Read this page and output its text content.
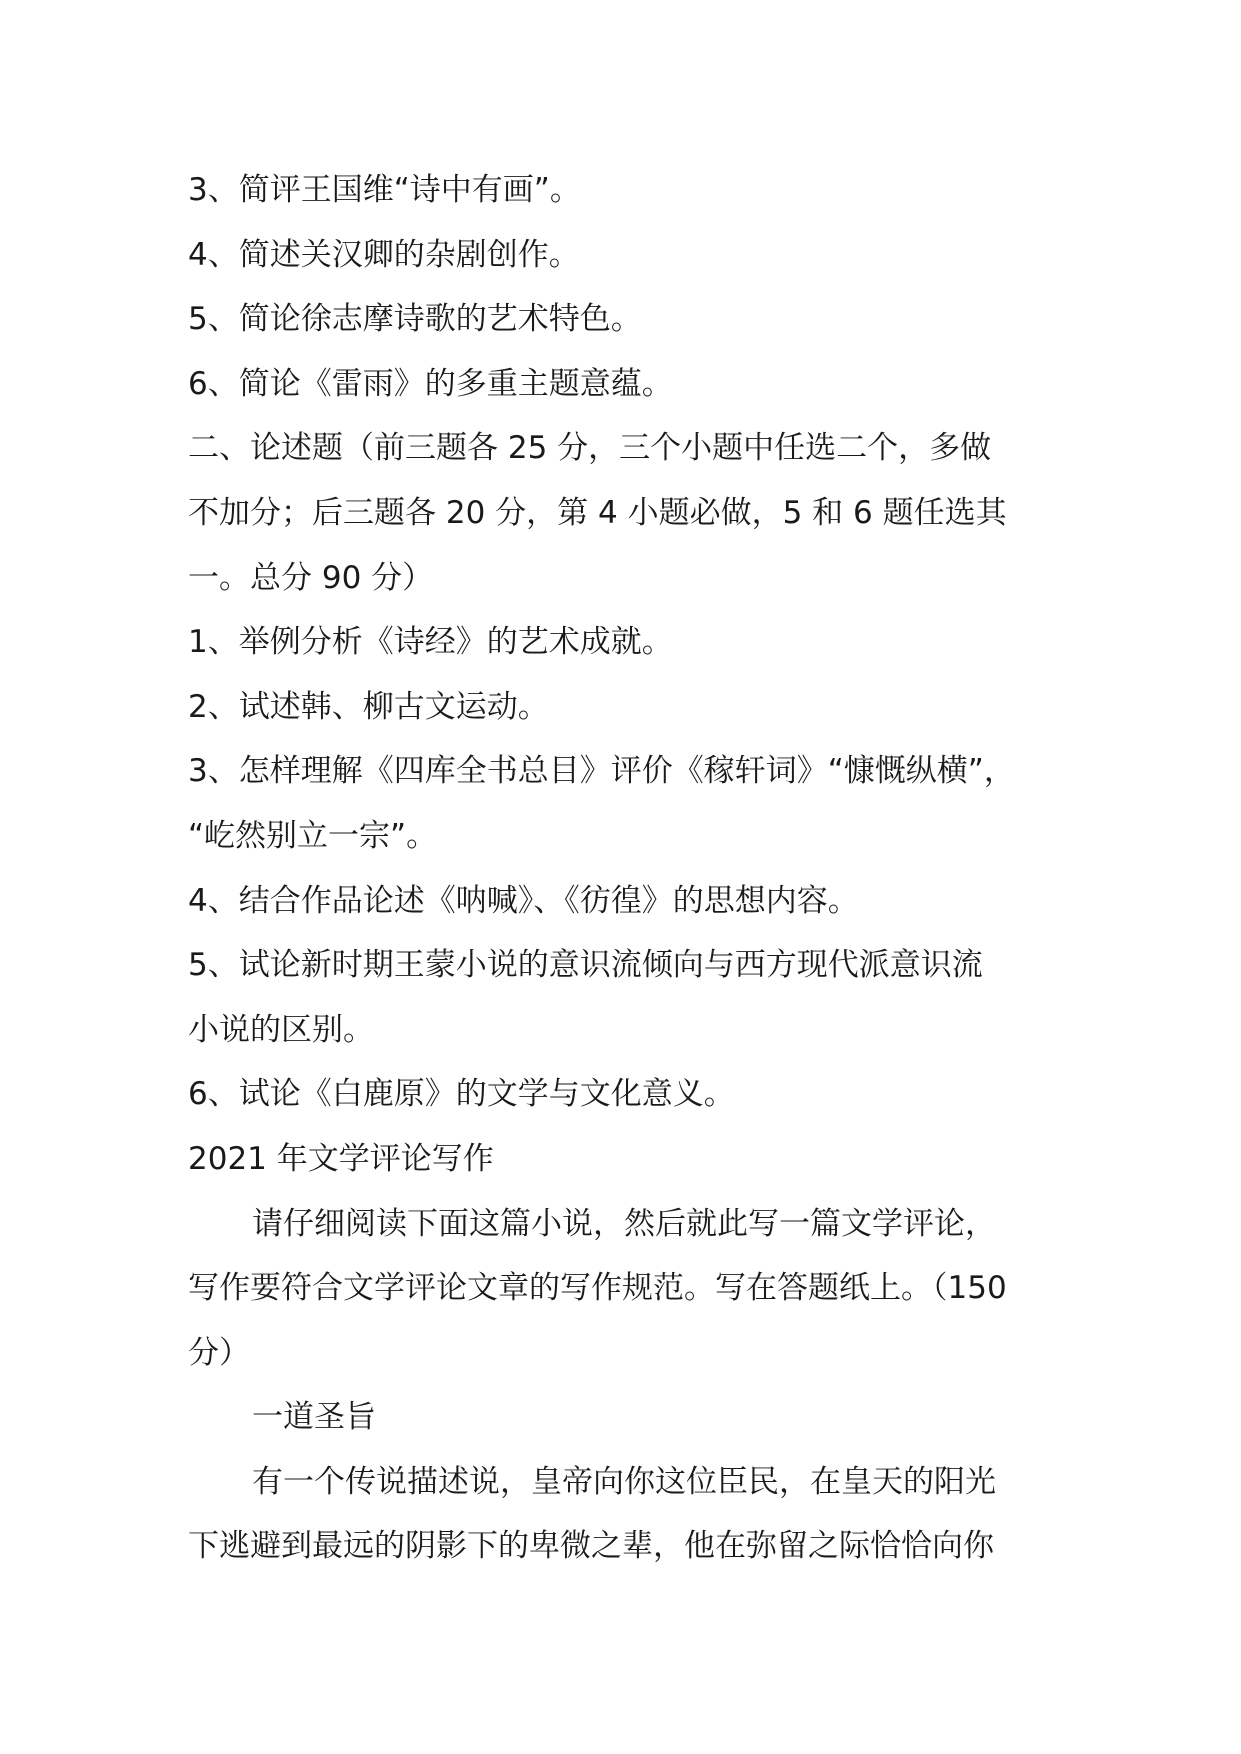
3、简评王国维“诗中有画”。

4、简述关汉卿的杂剧创作。

5、简论徐志摩诗歌的艺术特色。

6、简论《雷雨》的多重主题意蕴。

二、论述题（前三题各 25 分，三个小题中任选二个，多做

不加分；后三题各 20 分，第 4 小题必做，5 和 6 题任选其

一。总分 90 分）

1、举例分析《诗经》的艺术成就。

2、试述韩、柳古文运动。

3、怎样理解《四库全书总目》评价《稼轩词》“慷慨纵横”，

“屹然别立一宗”。

4、结合作品论述《呐喊》、《彷徨》的思想内容。

5、试论新时期王蒙小说的意识流倾向与西方现代派意识流

小说的区别。

6、试论《白鹿原》的文学与文化意义。

2021 年文学评论写作

请仔细阅读下面这篇小说，然后就此写一篇文学评论，

写作要符合文学评论文章的写作规范。写在答题纸上。（150

分）

一道圣旨

有一个传说描述说，皇帝向你这位臣民，在皇天的阳光

下逃避到最远的阴影下的卑微之辈，他在弥留之际恰恰向你
